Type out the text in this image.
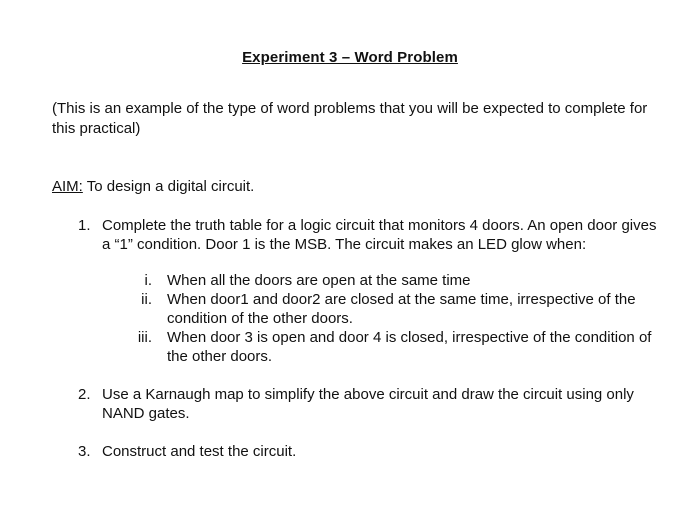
Experiment 3 – Word Problem
(This is an example of the type of word problems that you will be expected to complete for this practical)
AIM: To design a digital circuit.
1. Complete the truth table for a logic circuit that monitors 4 doors. An open door gives a “1” condition. Door 1 is the MSB. The circuit makes an LED glow when:
i. When all the doors are open at the same time
ii. When door1 and door2 are closed at the same time, irrespective of the condition of the other doors.
iii. When door 3 is open and door 4 is closed, irrespective of the condition of the other doors.
2. Use a Karnaugh map to simplify the above circuit and draw the circuit using only NAND gates.
3. Construct and test the circuit.
